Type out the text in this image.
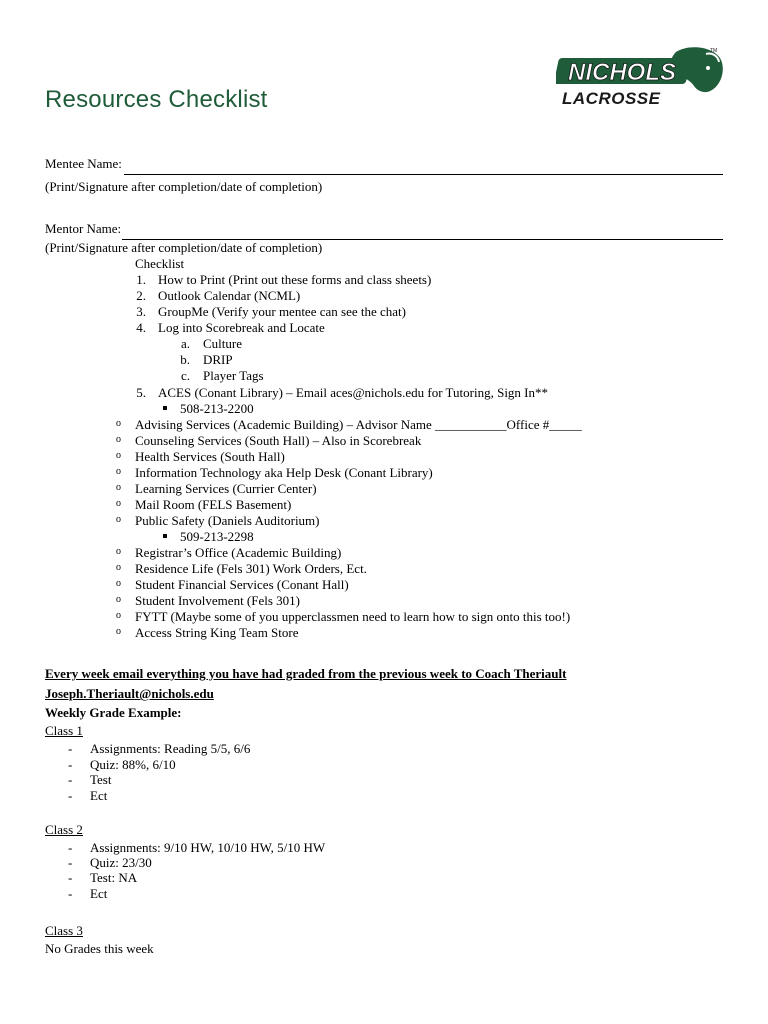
Resources Checklist
NICHOLS
LACROSSE
TM
Mentee Name:
(Print/Signature after completion/date of completion)
Mentor Name:
(Print/Signature after completion/date of completion)
Checklist
1. How to Print (Print out these forms and class sheets)
2. Outlook Calendar (NCML)
3. GroupMe (Verify your mentee can see the chat)
4. Log into Scorebreak and Locate
a. Culture
b. DRIP
c. Player Tags
5. ACES (Conant Library) – Email aces@nichols.edu for Tutoring, Sign In**
508-213-2200
o Advising Services (Academic Building) – Advisor Name ___________Office #_____
o Counseling Services (South Hall) – Also in Scorebreak
o Health Services (South Hall)
o Information Technology aka Help Desk (Conant Library)
o Learning Services (Currier Center)
o Mail Room (FELS Basement)
o Public Safety (Daniels Auditorium)
509-213-2298
o Registrar’s Office (Academic Building)
o Residence Life (Fels 301) Work Orders, Ect.
o Student Financial Services (Conant Hall)
o Student Involvement (Fels 301)
o FYTT (Maybe some of you upperclassmen need to learn how to sign onto this too!)
o Access String King Team Store
Every week email everything you have had graded from the previous week to Coach Theriault
Joseph.Theriault@nichols.edu
Weekly Grade Example:
Class 1
- Assignments: Reading 5/5, 6/6
- Quiz: 88%, 6/10
- Test
- Ect
Class 2
- Assignments: 9/10 HW, 10/10 HW, 5/10 HW
- Quiz: 23/30
- Test: NA
- Ect
Class 3
No Grades this week
